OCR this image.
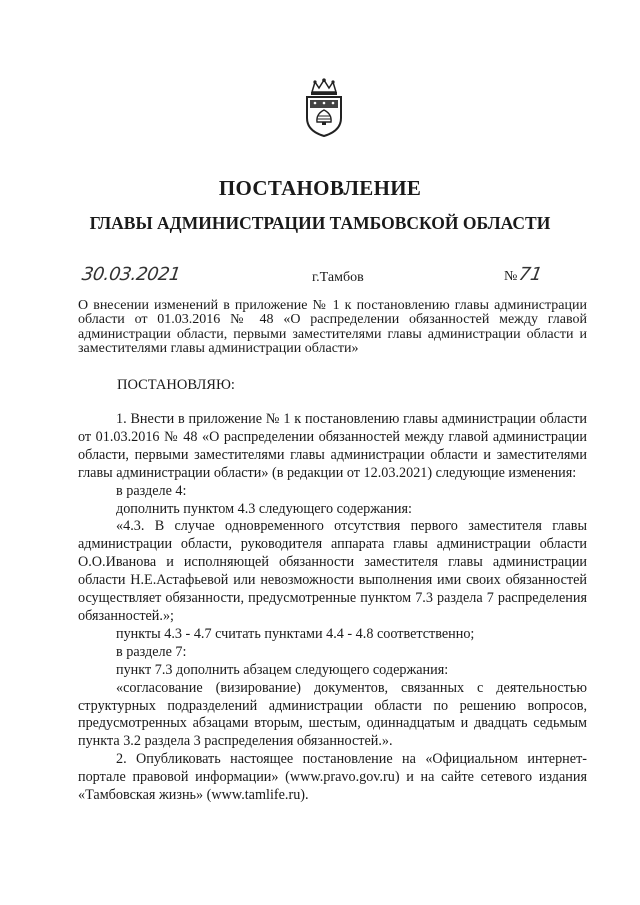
ПОСТАНОВЛЕНИЕ
ГЛАВЫ АДМИНИСТРАЦИИ ТАМБОВСКОЙ ОБЛАСТИ
30.03.2021	г.Тамбов	№71
О внесении изменений в приложение № 1 к постановлению главы администрации области от 01.03.2016 № 48 «О распределении обязанностей между главой администрации области, первыми заместителями главы администрации области и заместителями главы администрации области»
ПОСТАНОВЛЯЮ:

1. Внести в приложение № 1 к постановлению главы администрации области от 01.03.2016 № 48 «О распределении обязанностей между главой администрации области, первыми заместителями главы администрации области и заместителями главы администрации области» (в редакции от 12.03.2021) следующие изменения:

в разделе 4:

дополнить пунктом 4.3 следующего содержания:

«4.3. В случае одновременного отсутствия первого заместителя главы администрации области, руководителя аппарата главы администрации области О.О.Иванова и исполняющей обязанности заместителя главы администрации области Н.Е.Астафьевой или невозможности выполнения ими своих обязанностей осуществляет обязанности, предусмотренные пунктом 7.3 раздела 7 распределения обязанностей.»;

пункты 4.3 - 4.7 считать пунктами 4.4 - 4.8 соответственно;

в разделе 7:

пункт 7.3 дополнить абзацем следующего содержания:

«согласование (визирование) документов, связанных с деятельностью структурных подразделений администрации области по решению вопросов, предусмотренных абзацами вторым, шестым, одиннадцатым и двадцать седьмым пункта 3.2 раздела 3 распределения обязанностей.».

2. Опубликовать настоящее постановление на «Официальном интернет-портале правовой информации» (www.pravo.gov.ru) и на сайте сетевого издания «Тамбовская жизнь» (www.tamlife.ru).
